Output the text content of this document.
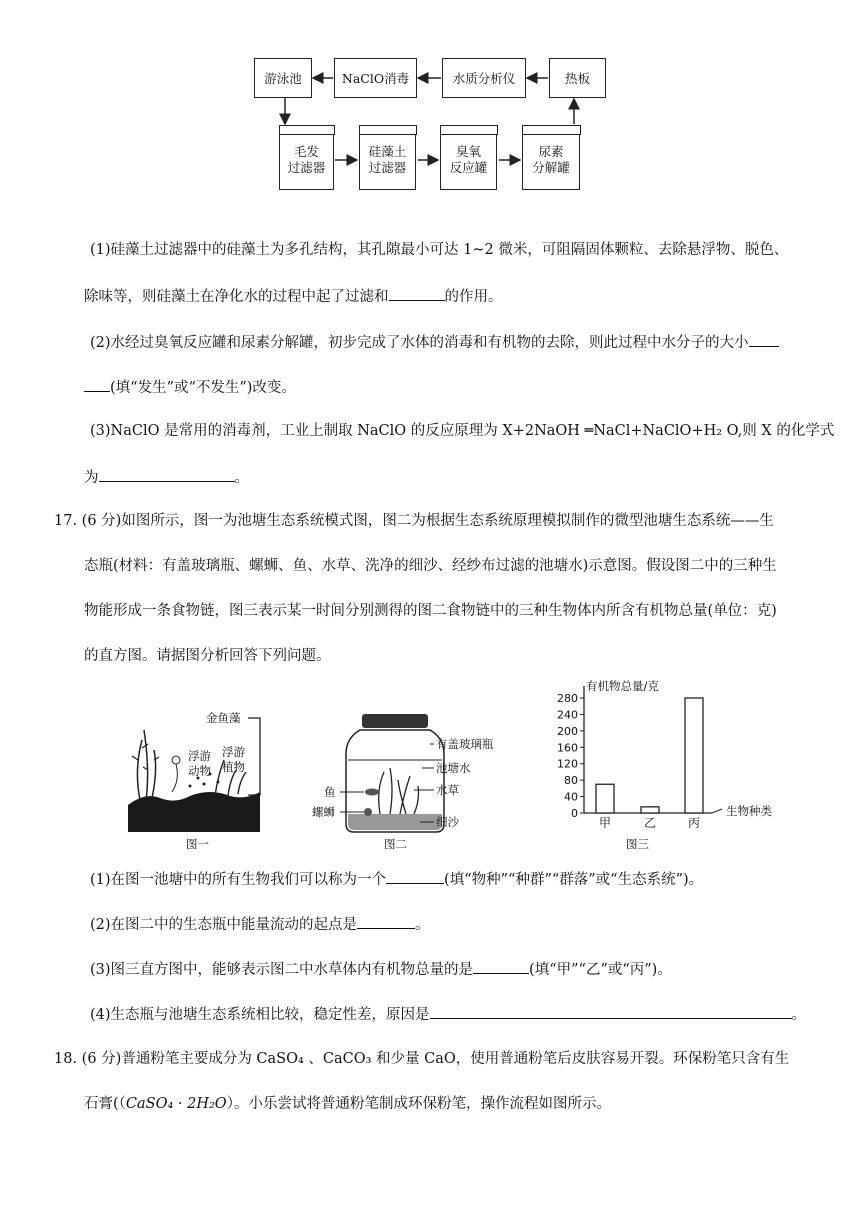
游泳池	NaClO消毒	水质分析仪	热板
毛发
过滤器
硅藻土
过滤器
臭氧
反应罐
尿素
分解罐
(1)硅藻土过滤器中的硅藻土为多孔结构，其孔隙最小可达 1~2 微米，可阻隔固体颗粒、去除悬浮物、脱色、
除味等，则硅藻土在净化水的过程中起了过滤和	的作用。
(2)水经过臭氧反应罐和尿素分解罐，初步完成了水体的消毒和有机物的去除，则此过程中水分子的大小
(填“发生”或“不发生”)改变。
(3)NaClO 是常用的消毒剂，工业上制取 NaClO 的反应原理为 X+2NaOH ═NaCl+NaClO+H₂ O,则 X 的化学式
为	。
17. (6 分)如图所示，图一为池塘生态系统模式图，图二为根据生态系统原理模拟制作的微型池塘生态系统——生
态瓶(材料：有盖玻璃瓶、螺蛳、鱼、水草、洗净的细沙、经纱布过滤的池塘水)示意图。假设图二中的三种生
物能形成一条食物链，图三表示某一时间分别测得的图二食物链中的三种生物体内所含有机物总量(单位：克)
的直方图。请据图分析回答下列问题。
金鱼藻
浮游
动物
浮游
植物
图一
有盖玻璃瓶
池塘水
鱼	水草
螺蛳
细沙
图二
0
40
80
120
160
200
240
280
有机物总量/克
甲	乙	丙
生物种类
图三
(1)在图一池塘中的所有生物我们可以称为一个	(填“物种”“种群”“群落”或“生态系统”)。
(2)在图二中的生态瓶中能量流动的起点是	。
(3)图三直方图中，能够表示图二中水草体内有机物总量的是	(填“甲”“乙”或“丙”)。
(4)生态瓶与池塘生态系统相比较，稳定性差，原因是	。
18. (6 分)普通粉笔主要成分为 CaSO₄ 、CaCO₃ 和少量 CaO，使用普通粉笔后皮肤容易开裂。环保粉笔只含有生
石膏(（CaSO₄ · 2H₂O）。小乐尝试将普通粉笔制成环保粉笔，操作流程如图所示。
